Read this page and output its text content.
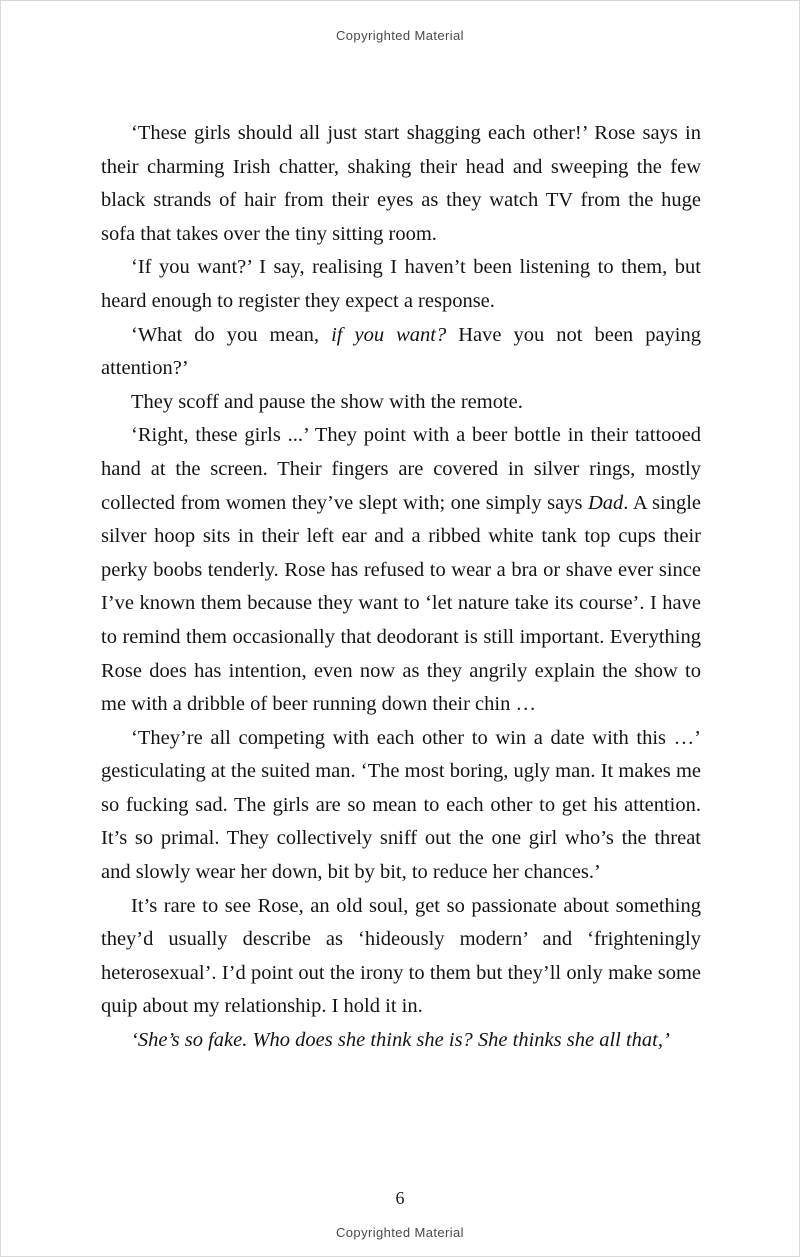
Copyrighted Material

‘These girls should all just start shagging each other!’ Rose says in their charming Irish chatter, shaking their head and sweeping the few black strands of hair from their eyes as they watch TV from the huge sofa that takes over the tiny sitting room.

‘If you want?’ I say, realising I haven’t been listening to them, but heard enough to register they expect a response.

‘What do you mean, if you want? Have you not been paying attention?’

They scoff and pause the show with the remote.

‘Right, these girls ...’ They point with a beer bottle in their tattooed hand at the screen. Their fingers are covered in silver rings, mostly collected from women they’ve slept with; one simply says Dad. A single silver hoop sits in their left ear and a ribbed white tank top cups their perky boobs tenderly. Rose has refused to wear a bra or shave ever since I’ve known them because they want to ‘let nature take its course’. I have to remind them occasionally that deodorant is still important. Everything Rose does has intention, even now as they angrily explain the show to me with a dribble of beer running down their chin …

‘They’re all competing with each other to win a date with this …’ gesticulating at the suited man. ‘The most boring, ugly man. It makes me so fucking sad. The girls are so mean to each other to get his attention. It’s so primal. They collectively sniff out the one girl who’s the threat and slowly wear her down, bit by bit, to reduce her chances.’

It’s rare to see Rose, an old soul, get so passionate about something they’d usually describe as ‘hideously modern’ and ‘frighteningly heterosexual’. I’d point out the irony to them but they’ll only make some quip about my relationship. I hold it in.

‘She’s so fake. Who does she think she is? She thinks she all that,’

6
Copyrighted Material
